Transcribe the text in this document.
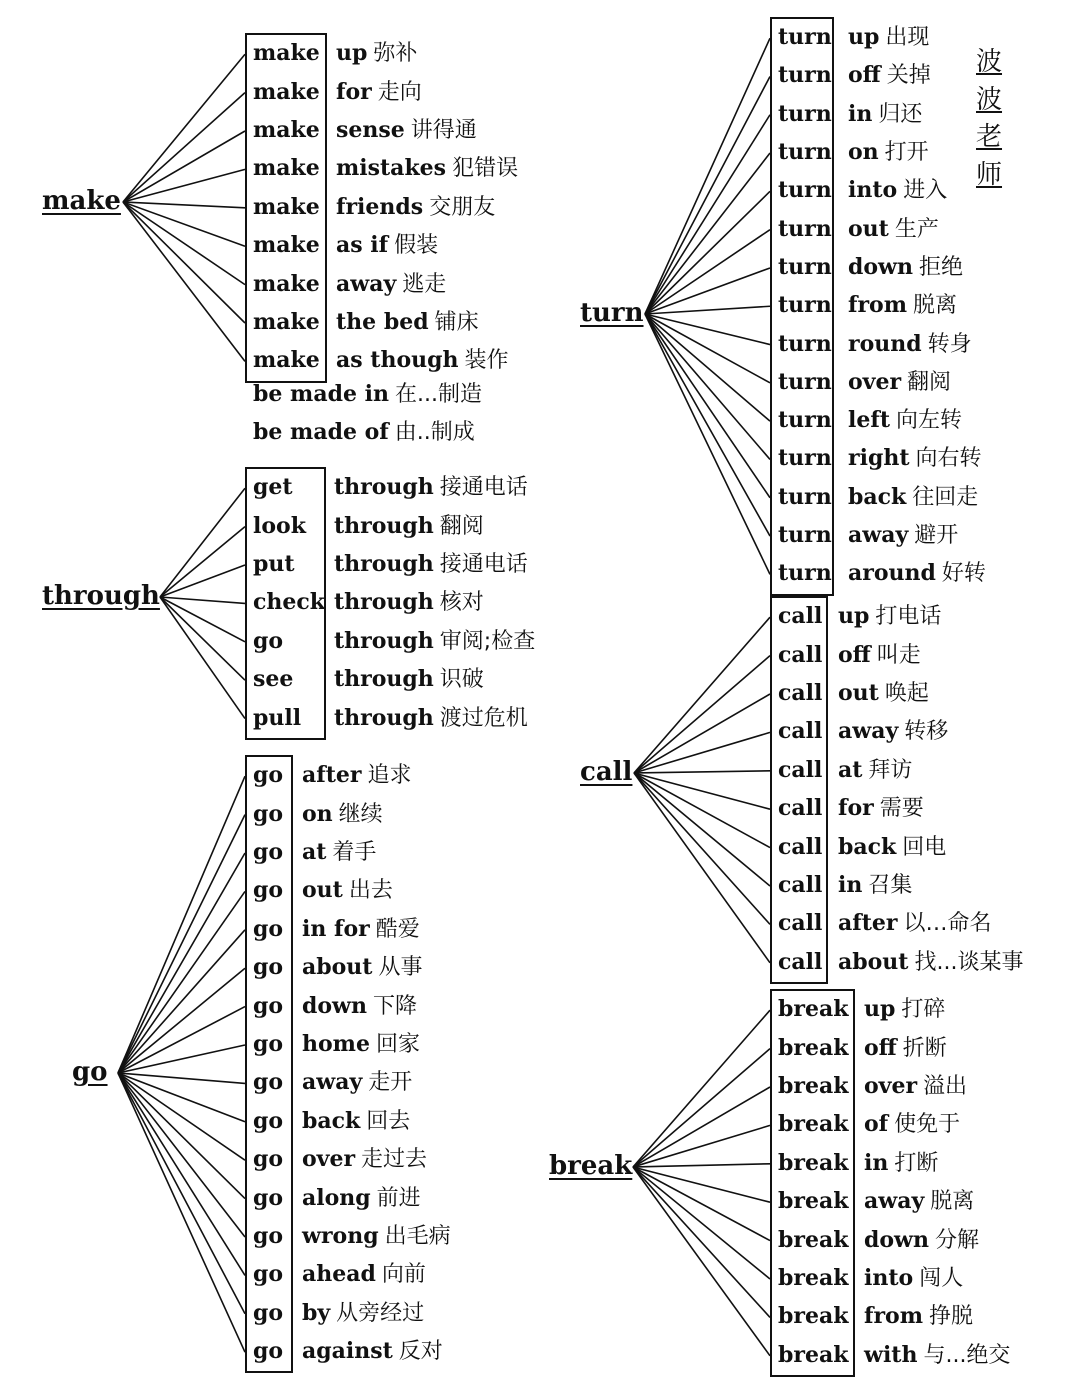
波
波
老
师
make
make up 弥补
make for 走向
make sense 讲得通
make mistakes 犯错误
make friends 交朋友
make as if 假装
make away 逃走
make the bed 铺床
make as though 装作
be made in 在...制造
be made of 由..制成
through
get through 接通电话
look through 翻阅
put through 接通电话
check through 核对
go through 审阅;检查
see through 识破
pull through 渡过危机
go
go after 追求
go on 继续
go at 着手
go out 出去
go in for 酷爱
go about 从事
go down 下降
go home 回家
go away 走开
go back 回去
go over 走过去
go along 前进
go wrong 出毛病
go ahead 向前
go by 从旁经过
go against 反对
turn
turn up 出现
turn off 关掉
turn in 归还
turn on 打开
turn into 进入
turn out 生产
turn down 拒绝
turn from 脱离
turn round 转身
turn over 翻阅
turn left 向左转
turn right 向右转
turn back 往回走
turn away 避开
turn around 好转
call
call up 打电话
call off 叫走
call out 唤起
call away 转移
call at 拜访
call for 需要
call back 回电
call in 召集
call after 以…命名
call about 找...谈某事
break
break up 打碎
break off 折断
break over 溢出
break of 使免于
break in 打断
break away 脱离
break down 分解
break into 闯人
break from 挣脱
break with 与...绝交
